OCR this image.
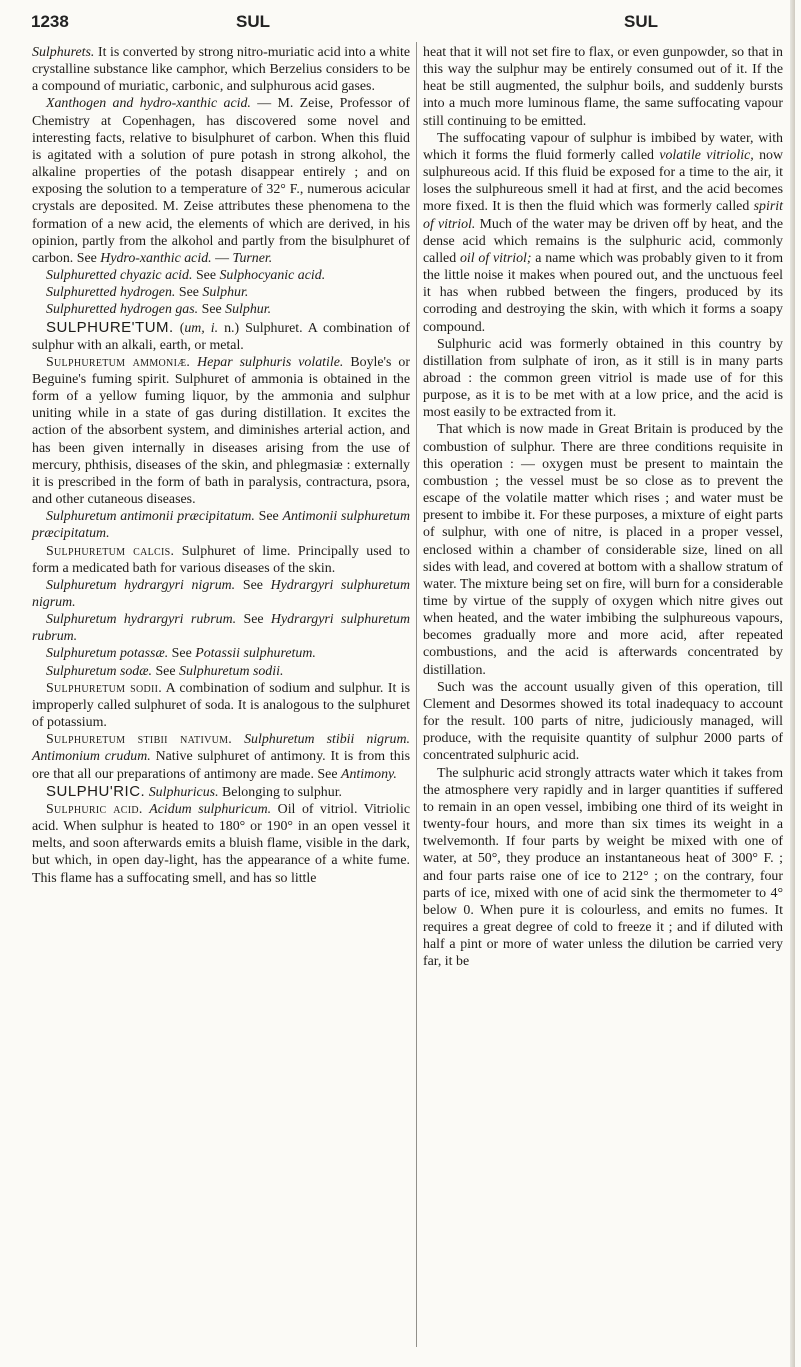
1238	SUL	SUL

Sulphurets. It is converted by strong nitro-muriatic acid into a white crystalline substance like camphor, which Berzelius considers to be a compound of muriatic, carbonic, and sulphurous acid gases.

Xanthogen and hydro-xanthic acid. — M. Zeise, Professor of Chemistry at Copenhagen, has discovered some novel and interesting facts, relative to bisulphuret of carbon. When this fluid is agitated with a solution of pure potash in strong alkohol, the alkaline properties of the potash disappear entirely ; and on exposing the solution to a temperature of 32° F., numerous acicular crystals are deposited. M. Zeise attributes these phenomena to the formation of a new acid, the elements of which are derived, in his opinion, partly from the alkohol and partly from the bisulphuret of carbon. See Hydro-xanthic acid. — Turner.

Sulphuretted chyazic acid. See Sulphocyanic acid.

Sulphuretted hydrogen. See Sulphur.

Sulphuretted hydrogen gas. See Sulphur.

SULPHURE'TUM. (um, i. n.) Sulphuret. A combination of sulphur with an alkali, earth, or metal.

Sulphuretum ammoniæ. Hepar sulphuris volatile. Boyle's or Beguine's fuming spirit. Sulphuret of ammonia is obtained in the form of a yellow fuming liquor, by the ammonia and sulphur uniting while in a state of gas during distillation. It excites the action of the absorbent system, and diminishes arterial action, and has been given internally in diseases arising from the use of mercury, phthisis, diseases of the skin, and phlegmasiæ : externally it is prescribed in the form of bath in paralysis, contractura, psora, and other cutaneous diseases.

Sulphuretum antimonii præcipitatum. See Antimonii sulphuretum præcipitatum.

Sulphuretum calcis. Sulphuret of lime. Principally used to form a medicated bath for various diseases of the skin.

Sulphuretum hydrargyri nigrum. See Hydrargyri sulphuretum nigrum.

Sulphuretum hydrargyri rubrum. See Hydrargyri sulphuretum rubrum.

Sulphuretum potassæ. See Potassii sulphuretum.

Sulphuretum sodæ. See Sulphuretum sodii.

Sulphuretum sodii. A combination of sodium and sulphur. It is improperly called sulphuret of soda. It is analogous to the sulphuret of potassium.

Sulphuretum stibii nativum. Sulphuretum stibii nigrum. Antimonium crudum. Native sulphuret of antimony. It is from this ore that all our preparations of antimony are made. See Antimony.

SULPHU'RIC. Sulphuricus. Belonging to sulphur.

Sulphuric acid. Acidum sulphuricum. Oil of vitriol. Vitriolic acid. When sulphur is heated to 180° or 190° in an open vessel it melts, and soon afterwards emits a bluish flame, visible in the dark, but which, in open day-light, has the appearance of a white fume. This flame has a suffocating smell, and has so little

heat that it will not set fire to flax, or even gunpowder, so that in this way the sulphur may be entirely consumed out of it. If the heat be still augmented, the sulphur boils, and suddenly bursts into a much more luminous flame, the same suffocating vapour still continuing to be emitted.

The suffocating vapour of sulphur is imbibed by water, with which it forms the fluid formerly called volatile vitriolic, now sulphureous acid. If this fluid be exposed for a time to the air, it loses the sulphureous smell it had at first, and the acid becomes more fixed. It is then the fluid which was formerly called spirit of vitriol. Much of the water may be driven off by heat, and the dense acid which remains is the sulphuric acid, commonly called oil of vitriol; a name which was probably given to it from the little noise it makes when poured out, and the unctuous feel it has when rubbed between the fingers, produced by its corroding and destroying the skin, with which it forms a soapy compound.

Sulphuric acid was formerly obtained in this country by distillation from sulphate of iron, as it still is in many parts abroad : the common green vitriol is made use of for this purpose, as it is to be met with at a low price, and the acid is most easily to be extracted from it.

That which is now made in Great Britain is produced by the combustion of sulphur. There are three conditions requisite in this operation : — oxygen must be present to maintain the combustion ; the vessel must be so close as to prevent the escape of the volatile matter which rises ; and water must be present to imbibe it. For these purposes, a mixture of eight parts of sulphur, with one of nitre, is placed in a proper vessel, enclosed within a chamber of considerable size, lined on all sides with lead, and covered at bottom with a shallow stratum of water. The mixture being set on fire, will burn for a considerable time by virtue of the supply of oxygen which nitre gives out when heated, and the water imbibing the sulphureous vapours, becomes gradually more and more acid, after repeated combustions, and the acid is afterwards concentrated by distillation.

Such was the account usually given of this operation, till Clement and Desormes showed its total inadequacy to account for the result. 100 parts of nitre, judiciously managed, will produce, with the requisite quantity of sulphur 2000 parts of concentrated sulphuric acid.

The sulphuric acid strongly attracts water which it takes from the atmosphere very rapidly and in larger quantities if suffered to remain in an open vessel, imbibing one third of its weight in twenty-four hours, and more than six times its weight in a twelvemonth. If four parts by weight be mixed with one of water, at 50°, they produce an instantaneous heat of 300° F. ; and four parts raise one of ice to 212° ; on the contrary, four parts of ice, mixed with one of acid sink the thermometer to 4° below 0. When pure it is colourless, and emits no fumes. It requires a great degree of cold to freeze it ; and if diluted with half a pint or more of water unless the dilution be carried very far, it be
